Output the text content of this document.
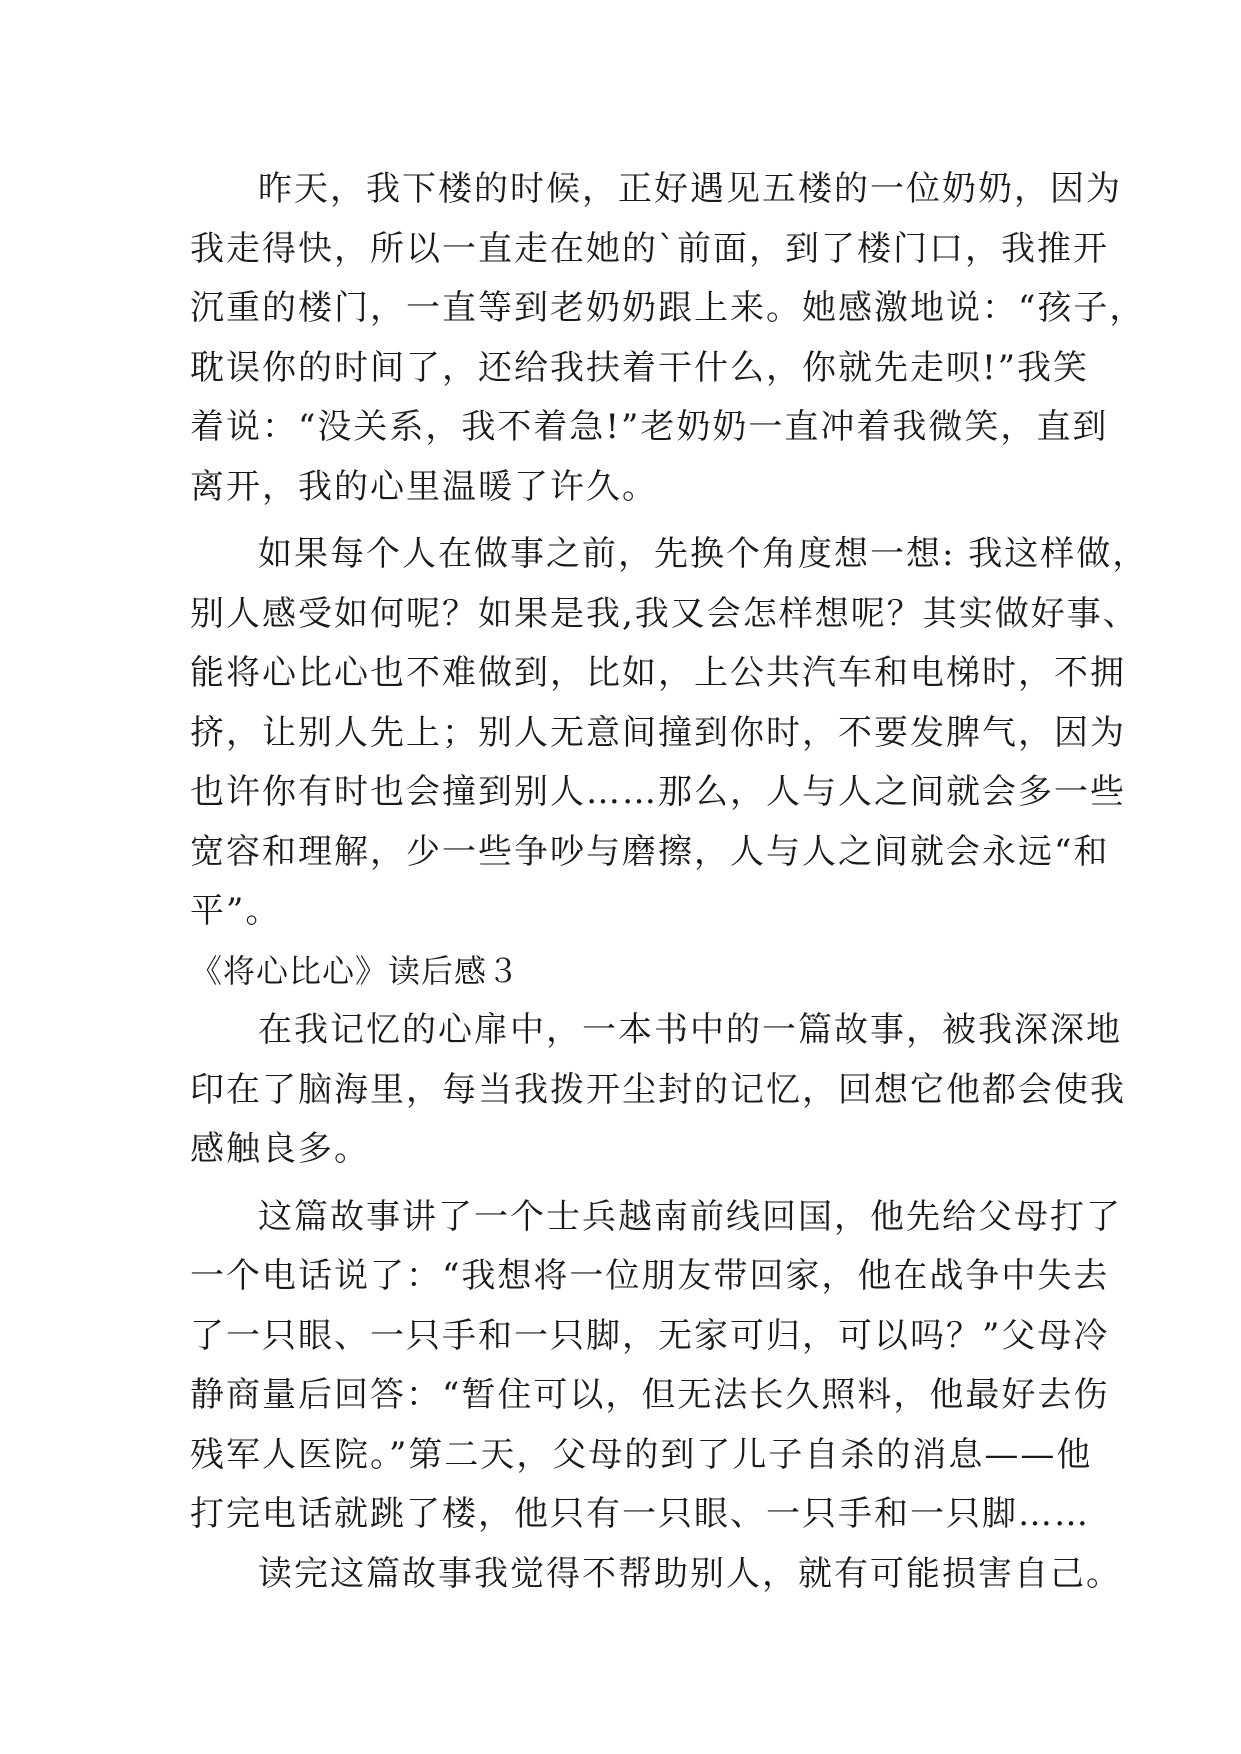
昨天，我下楼的时候，正好遇见五楼的一位奶奶，因为
我走得快，所以一直走在她的`前面，到了楼门口，我推开
沉重的楼门，一直等到老奶奶跟上来。她感激地说：“孩子，
耽误你的时间了，还给我扶着干什么，你就先走呗!”我笑
着说：“没关系，我不着急!”老奶奶一直冲着我微笑，直到
离开，我的心里温暖了许久。
如果每个人在做事之前，先换个角度想一想: 我这样做，
别人感受如何呢？如果是我,我又会怎样想呢？其实做好事、
能将心比心也不难做到，比如，上公共汽车和电梯时，不拥
挤，让别人先上；别人无意间撞到你时，不要发脾气，因为
也许你有时也会撞到别人……那么，人与人之间就会多一些
宽容和理解，少一些争吵与磨擦，人与人之间就会永远“和
平”。
《将心比心》读后感３
在我记忆的心扉中，一本书中的一篇故事，被我深深地
印在了脑海里，每当我拨开尘封的记忆，回想它他都会使我
感触良多。
这篇故事讲了一个士兵越南前线回国，他先给父母打了
一个电话说了：“我想将一位朋友带回家，他在战争中失去
了一只眼、一只手和一只脚，无家可归，可以吗？”父母冷
静商量后回答：“暂住可以，但无法长久照料，他最好去伤
残军人医院。”第二天，父母的到了儿子自杀的消息——他
打完电话就跳了楼，他只有一只眼、一只手和一只脚……
读完这篇故事我觉得不帮助别人，就有可能损害自己。
